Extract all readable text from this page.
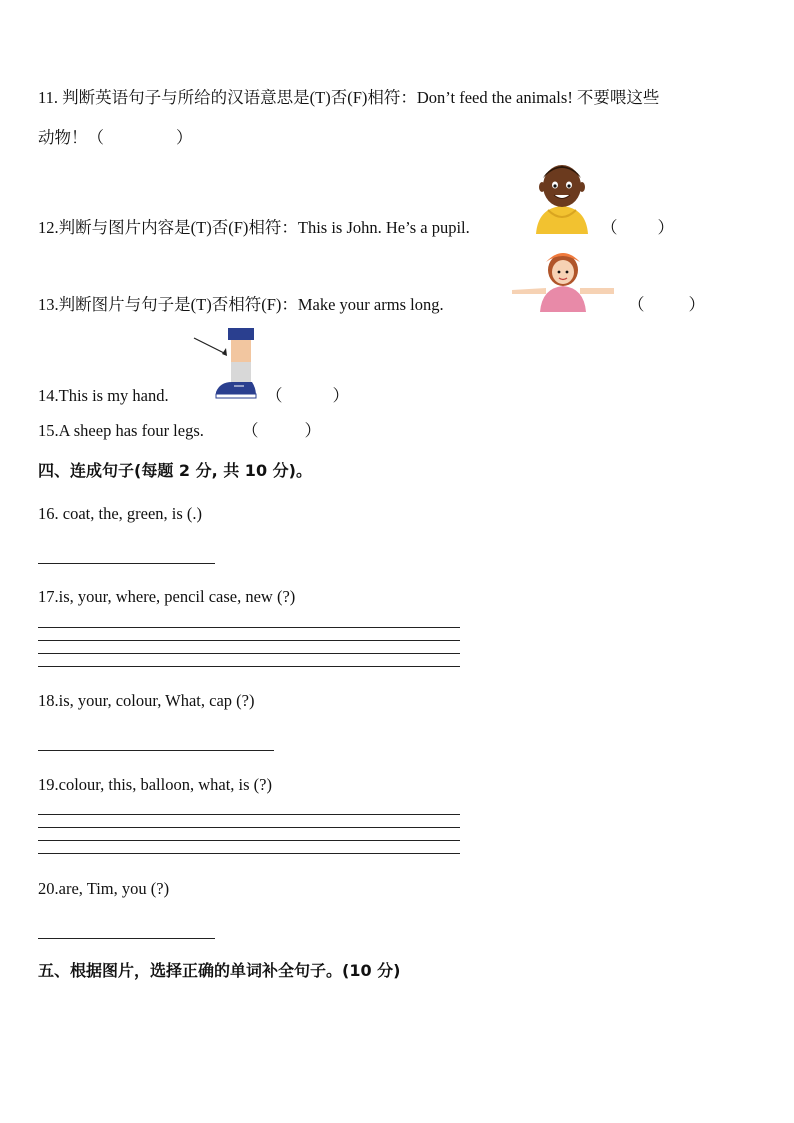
11. 判断英语句子与所给的汉语意思是(T)否(F)相符：Don’t feed the animals! 不要喂这些
动物！（	）
12.判断与图片内容是(T)否(F)相符：This is John. He’s a pupil.	（ ）
13.判断图片与句子是(T)否相符(F)：Make your arms long.	（	）
14.This is my hand.	（	）
15.A sheep has four legs. （	）
四、连成句子(每题 2 分, 共 10 分)。
16. coat, the, green, is (.)
17.is, your, where, pencil case, new (?)
18.is, your, colour, What, cap (?)
19.colour, this, balloon, what, is (?)
20.are, Tim, you (?)
五、根据图片，选择正确的单词补全句子。(10 分)
